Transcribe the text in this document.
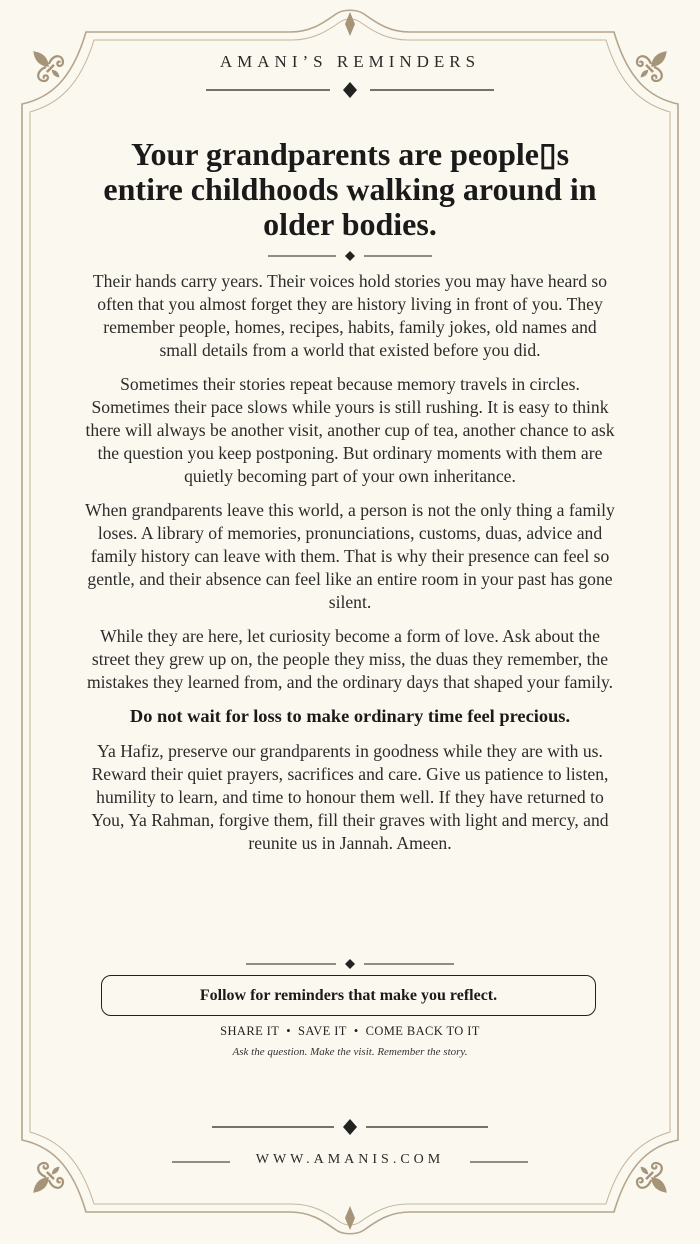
AMANI’S REMINDERS
Your grandparents are people▯s entire childhoods walking around in older bodies.

Their hands carry years. Their voices hold stories you may have heard so often that you almost forget they are history living in front of you. They remember people, homes, recipes, habits, family jokes, old names and small details from a world that existed before you did.

Sometimes their stories repeat because memory travels in circles. Sometimes their pace slows while yours is still rushing. It is easy to think there will always be another visit, another cup of tea, another chance to ask the question you keep postponing. But ordinary moments with them are quietly becoming part of your own inheritance.

When grandparents leave this world, a person is not the only thing a family loses. A library of memories, pronunciations, customs, duas, advice and family history can leave with them. That is why their presence can feel so gentle, and their absence can feel like an entire room in your past has gone silent.

While they are here, let curiosity become a form of love. Ask about the street they grew up on, the people they miss, the duas they remember, the mistakes they learned from, and the ordinary days that shaped your family.

Do not wait for loss to make ordinary time feel precious.

Ya Hafiz, preserve our grandparents in goodness while they are with us. Reward their quiet prayers, sacrifices and care. Give us patience to listen, humility to learn, and time to honour them well. If they have returned to You, Ya Rahman, forgive them, fill their graves with light and mercy, and reunite us in Jannah. Ameen.

Follow for reminders that make you reflect.
SHARE IT • SAVE IT • COME BACK TO IT
Ask the question. Make the visit. Remember the story.
WWW.AMANIS.COM
